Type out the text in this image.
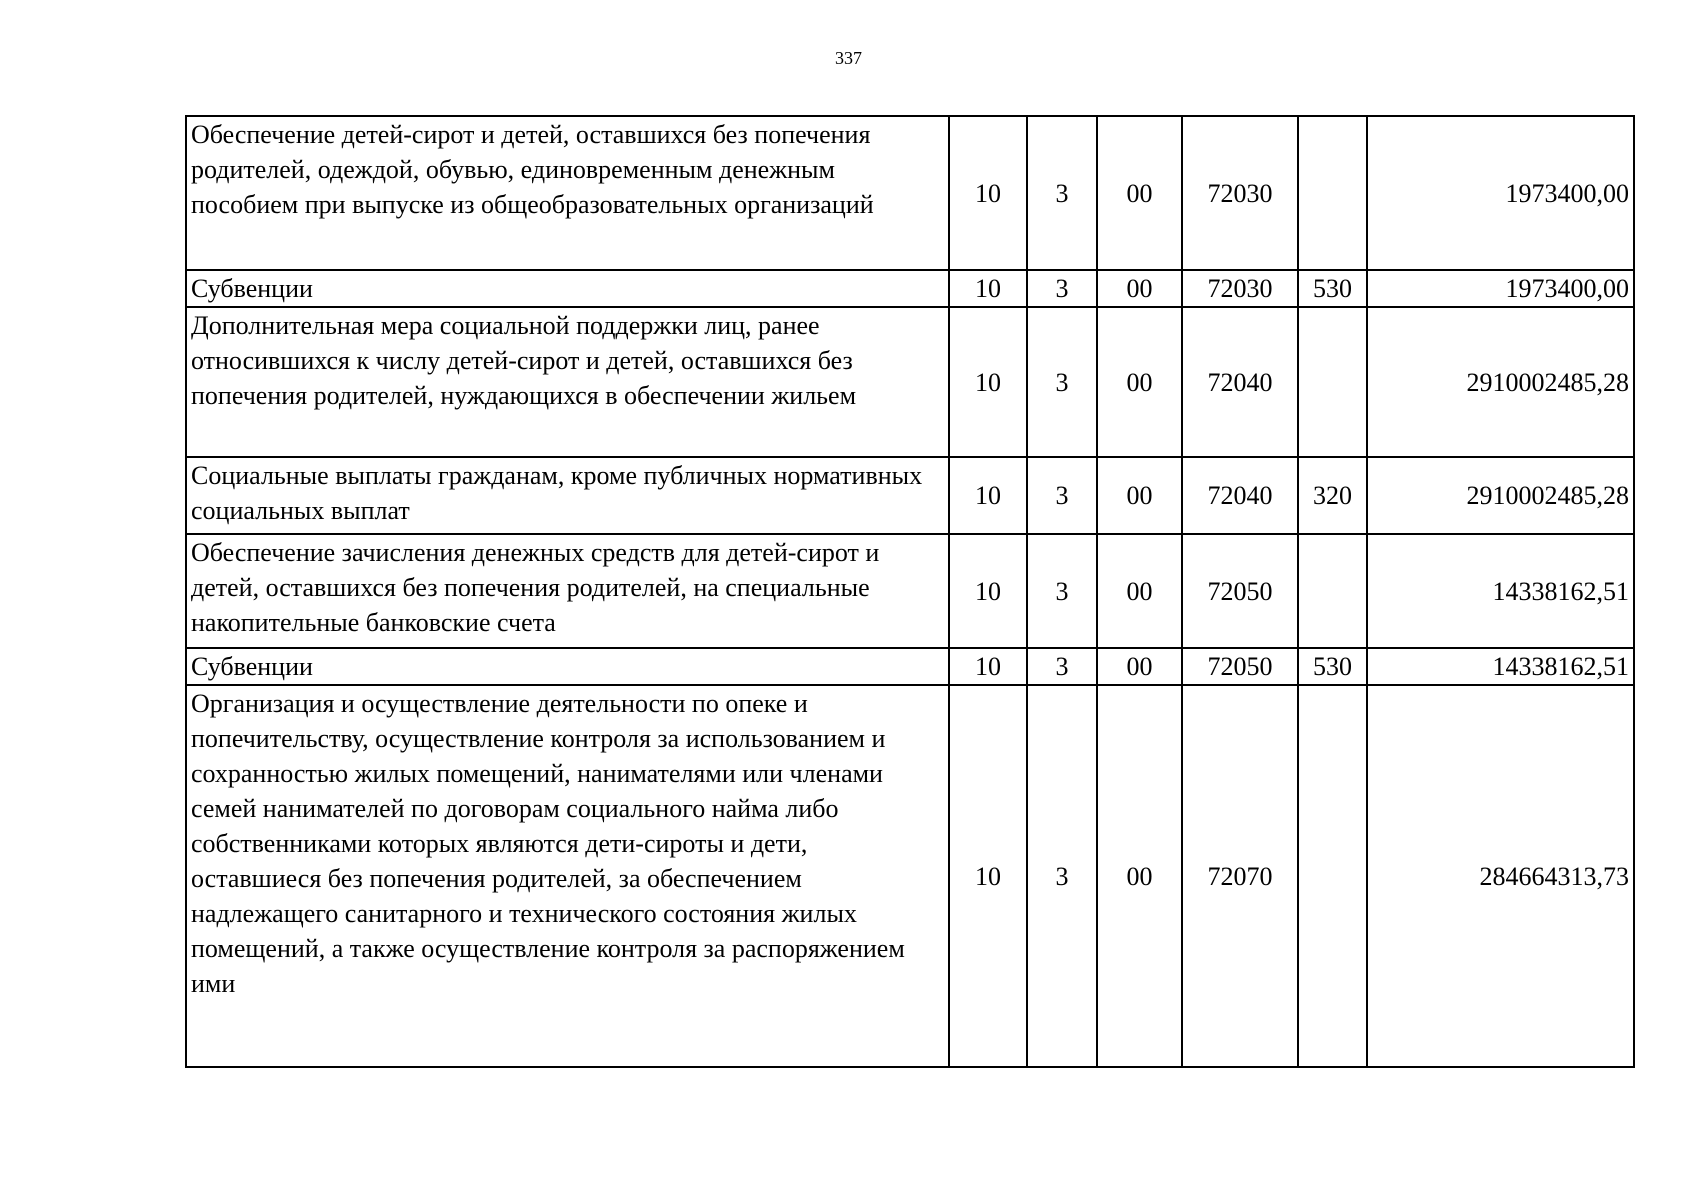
337
Обеспечение детей-сирот и детей, оставшихся без попечения родителей, одеждой, обувью, единовременным денежным пособием при выпуске из общеобразовательных организаций	10	3	00	72030		1973400,00
Субвенции	10	3	00	72030	530	1973400,00
Дополнительная мера социальной поддержки лиц, ранее относившихся к числу детей-сирот и детей, оставшихся без попечения родителей, нуждающихся в обеспечении жильем	10	3	00	72040		2910002485,28
Социальные выплаты гражданам, кроме публичных нормативных социальных выплат	10	3	00	72040	320	2910002485,28
Обеспечение зачисления денежных средств для детей-сирот и детей, оставшихся без попечения родителей, на специальные накопительные банковские счета	10	3	00	72050		14338162,51
Субвенции	10	3	00	72050	530	14338162,51
Организация и осуществление деятельности по опеке и попечительству, осуществление контроля за использованием и сохранностью жилых помещений, нанимателями или членами семей нанимателей по договорам социального найма либо собственниками которых являются дети-сироты и дети, оставшиеся без попечения родителей, за обеспечением надлежащего санитарного и технического состояния жилых помещений, а также осуществление контроля за распоряжением ими	10	3	00	72070		284664313,73
